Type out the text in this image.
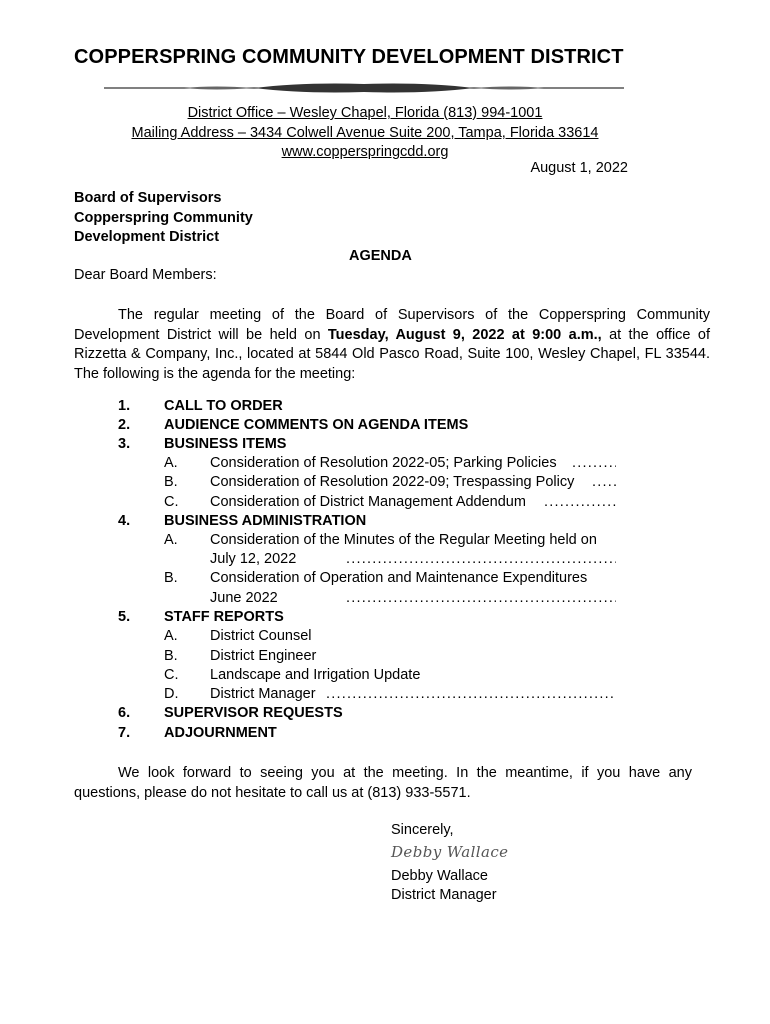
COPPERSPRING COMMUNITY DEVELOPMENT DISTRICT
District Office – Wesley Chapel, Florida (813) 994-1001
Mailing Address – 3434 Colwell Avenue Suite 200, Tampa, Florida 33614
www.copperspringcdd.org
August 1, 2022
Board of Supervisors
Copperspring Community
Development District
AGENDA
Dear Board Members:
The regular meeting of the Board of Supervisors of the Copperspring Community Development District will be held on Tuesday, August 9, 2022 at 9:00 a.m., at the office of Rizzetta & Company, Inc., located at 5844 Old Pasco Road, Suite 100, Wesley Chapel, FL 33544. The following is the agenda for the meeting:
1. CALL TO ORDER
2. AUDIENCE COMMENTS ON AGENDA ITEMS
3. BUSINESS ITEMS
A. Consideration of Resolution 2022-05; Parking Policies
. . .
B. Consideration of Resolution 2022-09; Trespassing Policy
. . .
C. Consideration of District Management Addendum
. . .
4. BUSINESS ADMINISTRATION
A. Consideration of the Minutes of the Regular Meeting held on
July 12, 2022
. . .
B. Consideration of Operation and Maintenance Expenditures
June 2022
. . .
5. STAFF REPORTS
A. District Counsel
B. District Engineer
C. Landscape and Irrigation Update
D. District Manager
. . .
6. SUPERVISOR REQUESTS
7. ADJOURNMENT
We look forward to seeing you at the meeting. In the meantime, if you have any questions, please do not hesitate to call us at (813) 933-5571.
Sincerely,
Debby Wallace
Debby Wallace
District Manager
